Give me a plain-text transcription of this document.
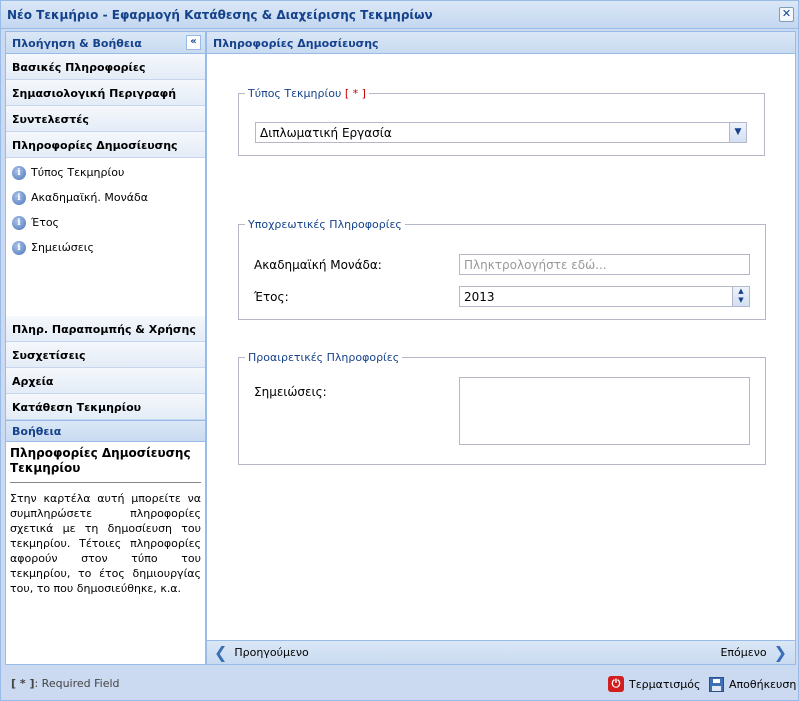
Νέο Τεκμήριο - Εφαρμογή Κατάθεσης & Διαχείρισης Τεκμηρίων	✕
Πλοήγηση & Βοήθεια	«
Βασικές Πληροφορίες
Σημασιολογική Περιγραφή
Συντελεστές
Πληροφορίες Δημοσίευσης
i Τύπος Τεκμηρίου
i Ακαδημαϊκή. Μονάδα
i Έτος
i Σημειώσεις
Πληρ. Παραπομπής & Χρήσης
Συσχετίσεις
Αρχεία
Κατάθεση Τεκμηρίου
Βοήθεια
Πληροφορίες Δημοσίευσης Τεκμηρίου
Στην καρτέλα αυτή μπορείτε να συμπληρώσετε πληροφορίες σχετικά με τη δημοσίευση του τεκμηρίου. Τέτοιες πληροφορίες αφορούν στον τύπο του τεκμηρίου, το έτος δημιουργίας του, το που δημοσιεύθηκε, κ.α.
Πληροφορίες Δημοσίευσης
Τύπος Τεκμηρίου [ * ]
Διπλωματική Εργασία	▼
Υποχρεωτικές Πληροφορίες
Ακαδημαϊκή Μονάδα:	Πληκτρολογήστε εδώ...
Έτος:	2013	▲
▼
Προαιρετικές Πληροφορίες
Σημειώσεις:
❮
Προηγούμενο	Επόμενο
❯
[ * ]: Required Field	⏻ Τερματισμός	Αποθήκευση
